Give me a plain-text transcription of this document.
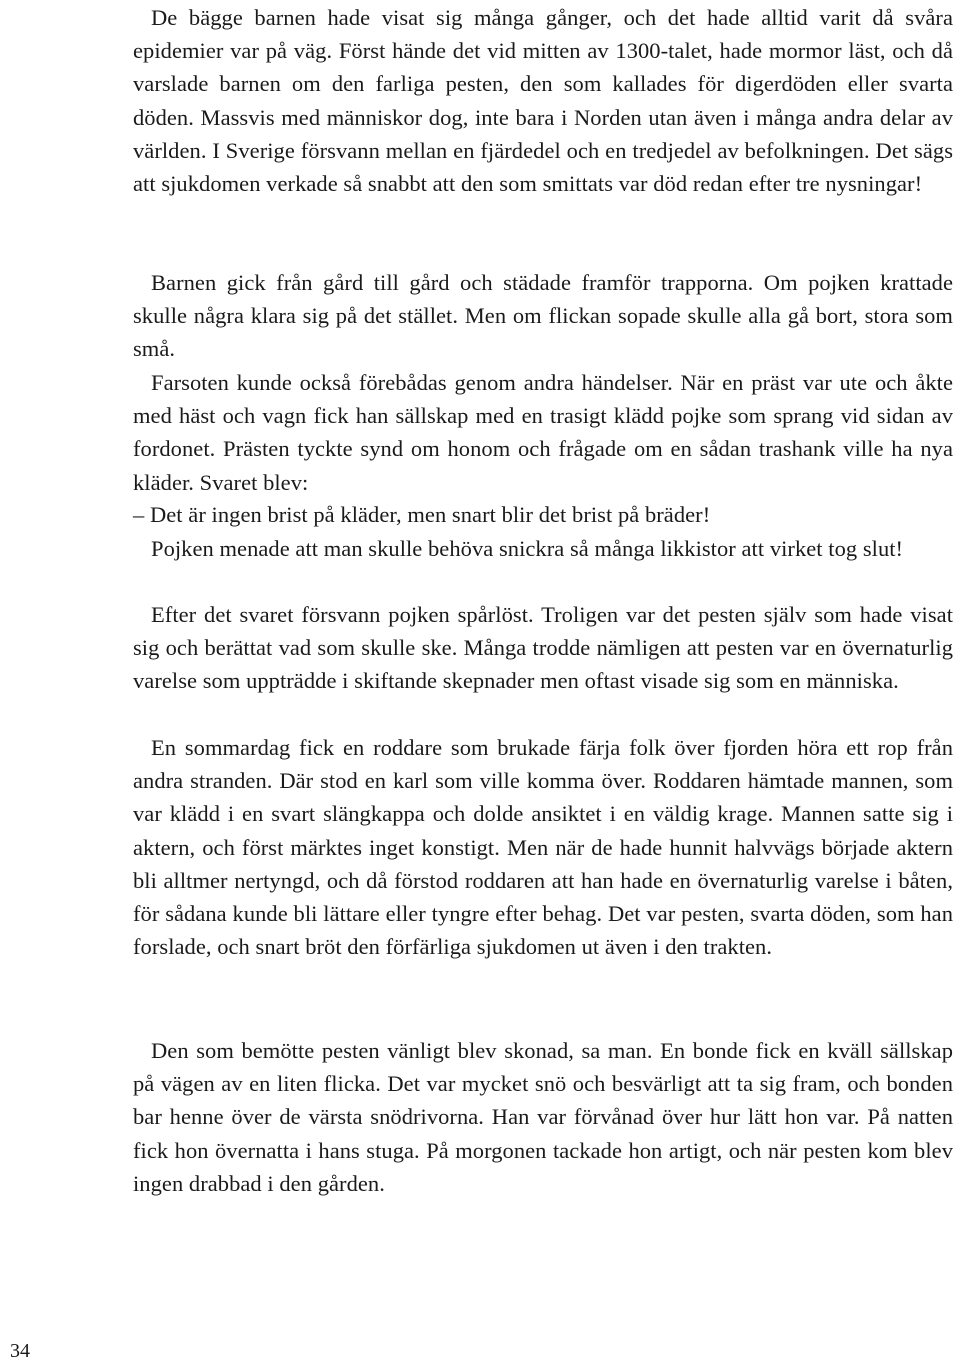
De bägge barnen hade visat sig många gånger, och det hade alltid varit då svåra epidemier var på väg. Först hände det vid mitten av 1300-talet, hade mormor läst, och då varslade barnen om den farliga pesten, den som kallades för digerdöden eller svarta döden. Massvis med människor dog, inte bara i Norden utan även i många andra delar av världen. I Sverige försvann mellan en fjärdedel och en tredjedel av befolkningen. Det sägs att sjukdomen verkade så snabbt att den som smittats var död redan efter tre nysningar!

Barnen gick från gård till gård och städade framför trapporna. Om pojken krattade skulle några klara sig på det stället. Men om flickan sopade skulle alla gå bort, stora som små.

Farsoten kunde också förebådas genom andra händelser. När en präst var ute och åkte med häst och vagn fick han sällskap med en trasigt klädd pojke som sprang vid sidan av fordonet. Prästen tyckte synd om honom och frågade om en sådan trashank ville ha nya kläder. Svaret blev:

– Det är ingen brist på kläder, men snart blir det brist på bräder!

Pojken menade att man skulle behöva snickra så många likkistor att virket tog slut!

Efter det svaret försvann pojken spårlöst. Troligen var det pesten själv som hade visat sig och berättat vad som skulle ske. Många trodde nämligen att pesten var en övernaturlig varelse som uppträdde i skiftande skepnader men oftast visade sig som en människa.

En sommardag fick en roddare som brukade färja folk över fjorden höra ett rop från andra stranden. Där stod en karl som ville komma över. Roddaren hämtade mannen, som var klädd i en svart slängkappa och dolde ansiktet i en väldig krage. Mannen satte sig i aktern, och först märktes inget konstigt. Men när de hade hunnit halvvägs började aktern bli alltmer nertyngd, och då förstod roddaren att han hade en övernaturlig varelse i båten, för sådana kunde bli lättare eller tyngre efter behag. Det var pesten, svarta döden, som han forslade, och snart bröt den förfärliga sjukdomen ut även i den trakten.

Den som bemötte pesten vänligt blev skonad, sa man. En bonde fick en kväll sällskap på vägen av en liten flicka. Det var mycket snö och besvärligt att ta sig fram, och bonden bar henne över de värsta snödrivorna. Han var förvånad över hur lätt hon var. På natten fick hon övernatta i hans stuga. På morgonen tackade hon artigt, och när pesten kom blev ingen drabbad i den gården.

34
